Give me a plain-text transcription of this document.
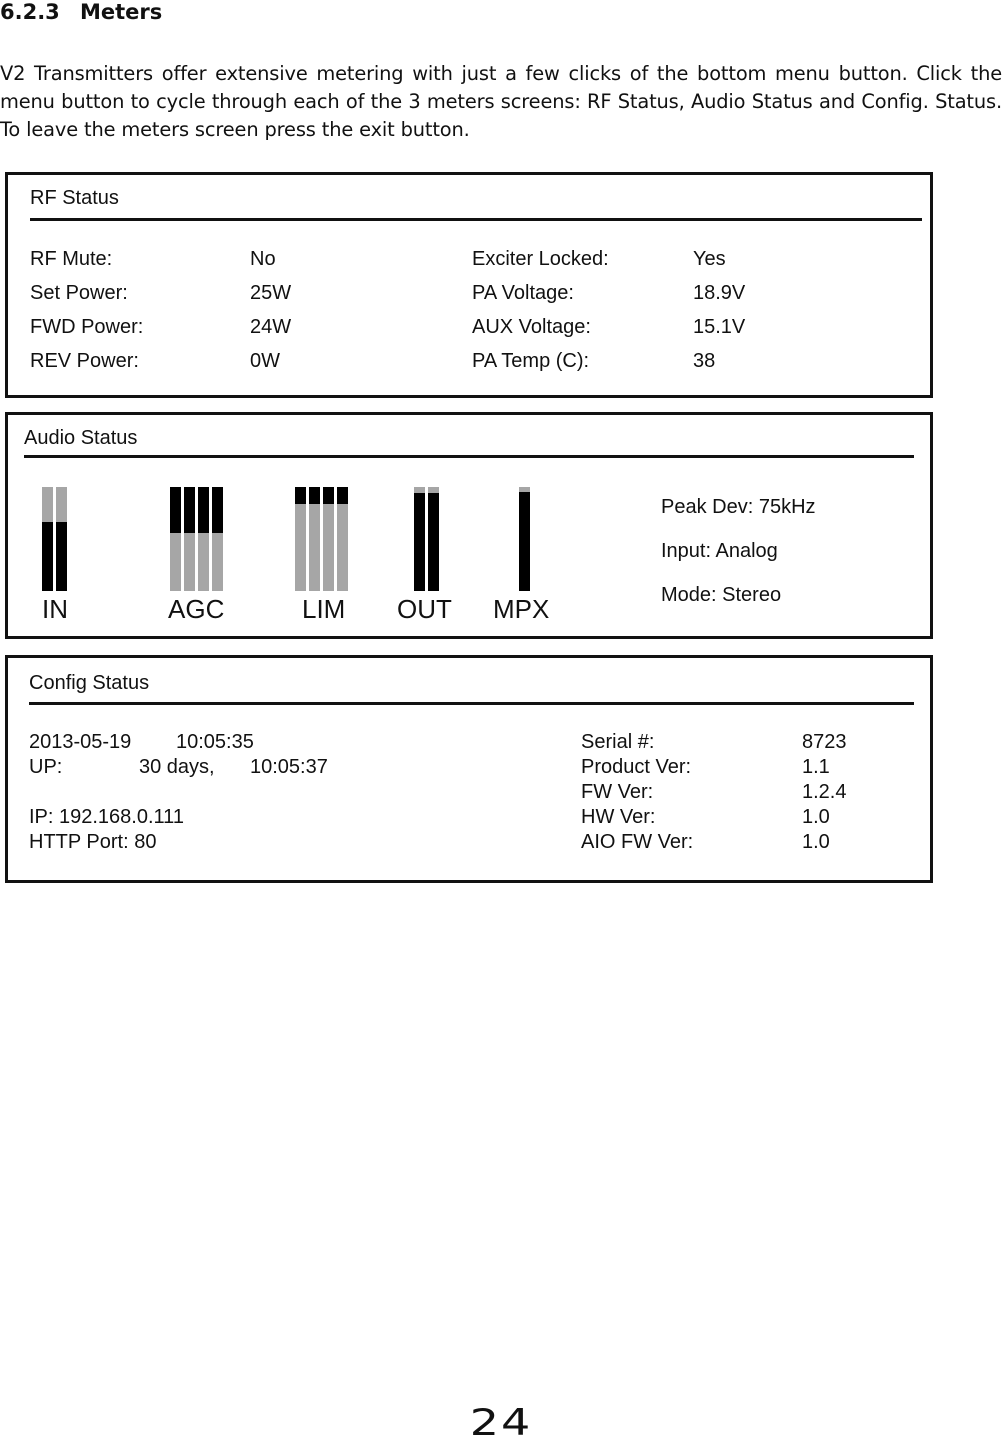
6.2.3 Meters
V2 Transmitters offer extensive metering with just a few clicks of the bottom menu button. Click the menu button to cycle through each of the 3 meters screens: RF Status, Audio Status and Config. Status. To leave the meters screen press the exit button.
RF Status
RF Mute:	No	Exciter Locked:	Yes
Set Power:	25W	PA Voltage:	18.9V
FWD Power:	24W	AUX Voltage:	15.1V
REV Power:	0W	PA Temp (C):	38
Audio Status
IN	AGC	LIM OUT MPX
Peak Dev: 75kHz
Input: Analog
Mode: Stereo
Config Status
2013-05-19 10:05:35
UP:	30 days, 10:05:37
IP: 192.168.0.111
HTTP Port: 80
Serial #:	8723
Product Ver:	1.1
FW Ver:	1.2.4
HW Ver:	1.0
AIO FW Ver:	1.0
24
